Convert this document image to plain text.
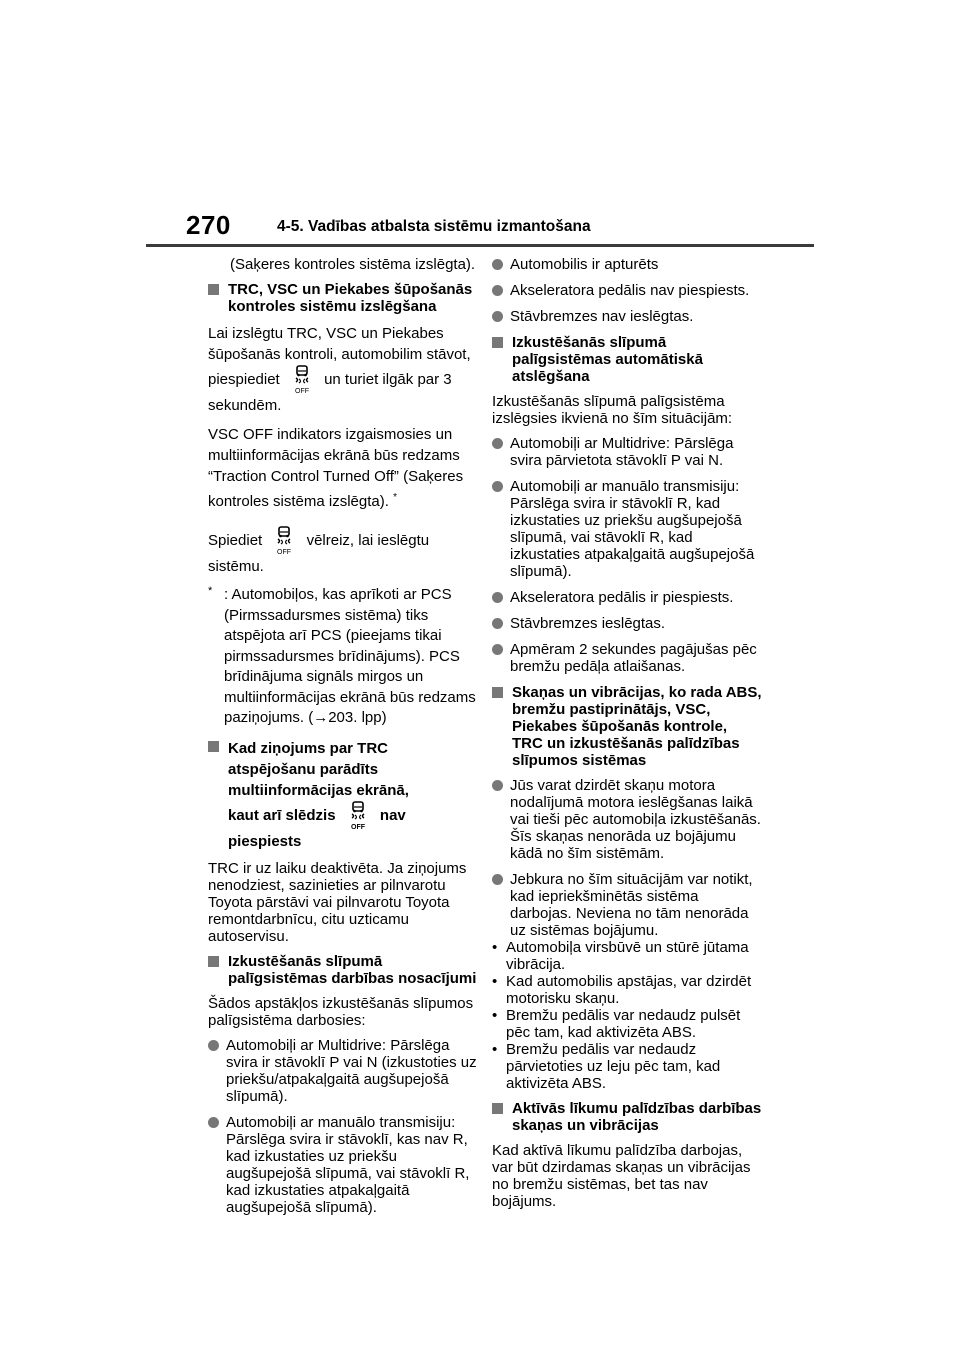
270	4-5. Vadības atbalsta sistēmu izmantošana

(Saķeres kontroles sistēma izslēgta).

TRC, VSC un Piekabes šūpošanās kontroles sistēmu izslēgšana

Lai izslēgtu TRC, VSC un Piekabes šūpošanās kontroli, automobilim stāvot,
piespiediet
OFF
un turiet ilgāk par 3
sekundēm.

VSC OFF indikators izgaismosies un multiinformācijas ekrānā būs redzams “Traction Control Turned Off” (Saķeres kontroles sistēma izslēgta). *

Spiediet
OFF
vēlreiz, lai ieslēgtu sistēmu.

* : Automobiļos, kas aprīkoti ar PCS (Pirmssadursmes sistēma) tiks atspējota arī PCS (pieejams tikai pirmssadursmes brīdinājums). PCS brīdinājuma signāls mirgos un multiinformācijas ekrānā būs redzams paziņojums. (→203. lpp)
Kad ziņojums par TRC atspējošanu parādīts multiinformācijas ekrānā,
kaut arī slēdzis
OFF
nav piespiests

TRC ir uz laiku deaktivēta. Ja ziņojums nenodziest, sazinieties ar pilnvarotu Toyota pārstāvi vai pilnvarotu Toyota remontdarbnīcu, citu uzticamu autoservisu.

Izkustēšanās slīpumā palīgsistēmas darbības nosacījumi

Šādos apstākļos izkustēšanās slīpumos palīgsistēma darbosies:

Automobiļi ar Multidrive: Pārslēga svira ir stāvoklī P vai N (izkustoties uz priekšu/atpakaļgaitā augšupejošā slīpumā).
Automobiļi ar manuālo transmisiju: Pārslēga svira ir stāvoklī, kas nav R, kad izkustaties uz priekšu augšupejošā slīpumā, vai stāvoklī R, kad izkustaties atpakaļgaitā augšupejošā slīpumā).
Automobilis ir apturēts
Akseleratora pedālis nav piespiests.
Stāvbremzes nav ieslēgtas.
Izkustēšanās slīpumā palīgsistēmas automātiskā atslēgšana

Izkustēšanās slīpumā palīgsistēma izslēgsies ikvienā no šīm situācijām:

Automobiļi ar Multidrive: Pārslēga svira pārvietota stāvoklī P vai N.
Automobiļi ar manuālo transmisiju: Pārslēga svira ir stāvoklī R, kad izkustaties uz priekšu augšupejošā slīpumā, vai stāvoklī R, kad izkustaties atpakaļgaitā augšupejošā slīpumā).
Akseleratora pedālis ir piespiests.
Stāvbremzes ieslēgtas.
Apmēram 2 sekundes pagājušas pēc bremžu pedāļa atlaišanas.
Skaņas un vibrācijas, ko rada ABS, bremžu pastiprinātājs, VSC, Piekabes šūpošanās kontrole, TRC un izkustēšanās palīdzības slīpumos sistēmas
Jūs varat dzirdēt skaņu motora nodalījumā motora ieslēgšanas laikā vai tieši pēc automobiļa izkustēšanās. Šīs skaņas nenorāda uz bojājumu kādā no šīm sistēmām.
Jebkura no šīm situācijām var notikt, kad iepriekšminētās sistēma darbojas. Neviena no tām nenorāda uz sistēmas bojājumu.
• Automobiļa virsbūvē un stūrē jūtama vibrācija.
• Kad automobilis apstājas, var dzirdēt motorisku skaņu.
• Bremžu pedālis var nedaudz pulsēt pēc tam, kad aktivizēta ABS.
• Bremžu pedālis var nedaudz pārvietoties uz leju pēc tam, kad aktivizēta ABS.
Aktīvās līkumu palīdzības darbības skaņas un vibrācijas

Kad aktīvā līkumu palīdzība darbojas, var būt dzirdamas skaņas un vibrācijas no bremžu sistēmas, bet tas nav bojājums.
